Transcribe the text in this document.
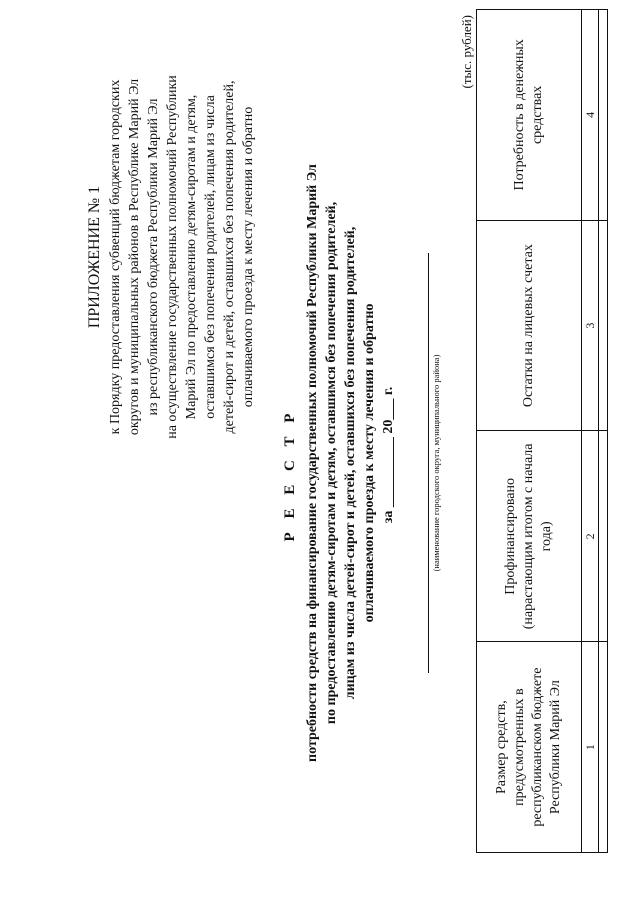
ПРИЛОЖЕНИЕ № 1 к Порядку предоставления субвенций бюджетам городских округов и муниципальных районов в Республике Марий Эл из республиканского бюджета Республики Марий Эл на осуществление государственных полномочий Республики Марий Эл по предоставлению детям-сиротам и детям, оставшимся без попечения родителей, лицам из числа детей-сирот и детей, оставшихся без попечения родителей, оплачиваемого проезда к месту лечения и обратно
Р Е Е С Т Р потребности средств на финансирование государственных полномочий Республики Марий Эл по предоставлению детям-сиротам и детям, оставшимся без попечения родителей, лицам из числа детей-сирот и детей, оставшихся без попечения родителей, оплачиваемого проезда к месту лечения и обратно за __________ 20___ г.	(наименование городского округа, муниципального района)
(тыс. рублей)
Размер средств, предусмотренных в республиканском бюджете Республики Марий Эл	Профинансировано (нарастающим итогом с начала года)	Остатки на лицевых счетах	Потребность в денежных средствах
1	2	3	4
